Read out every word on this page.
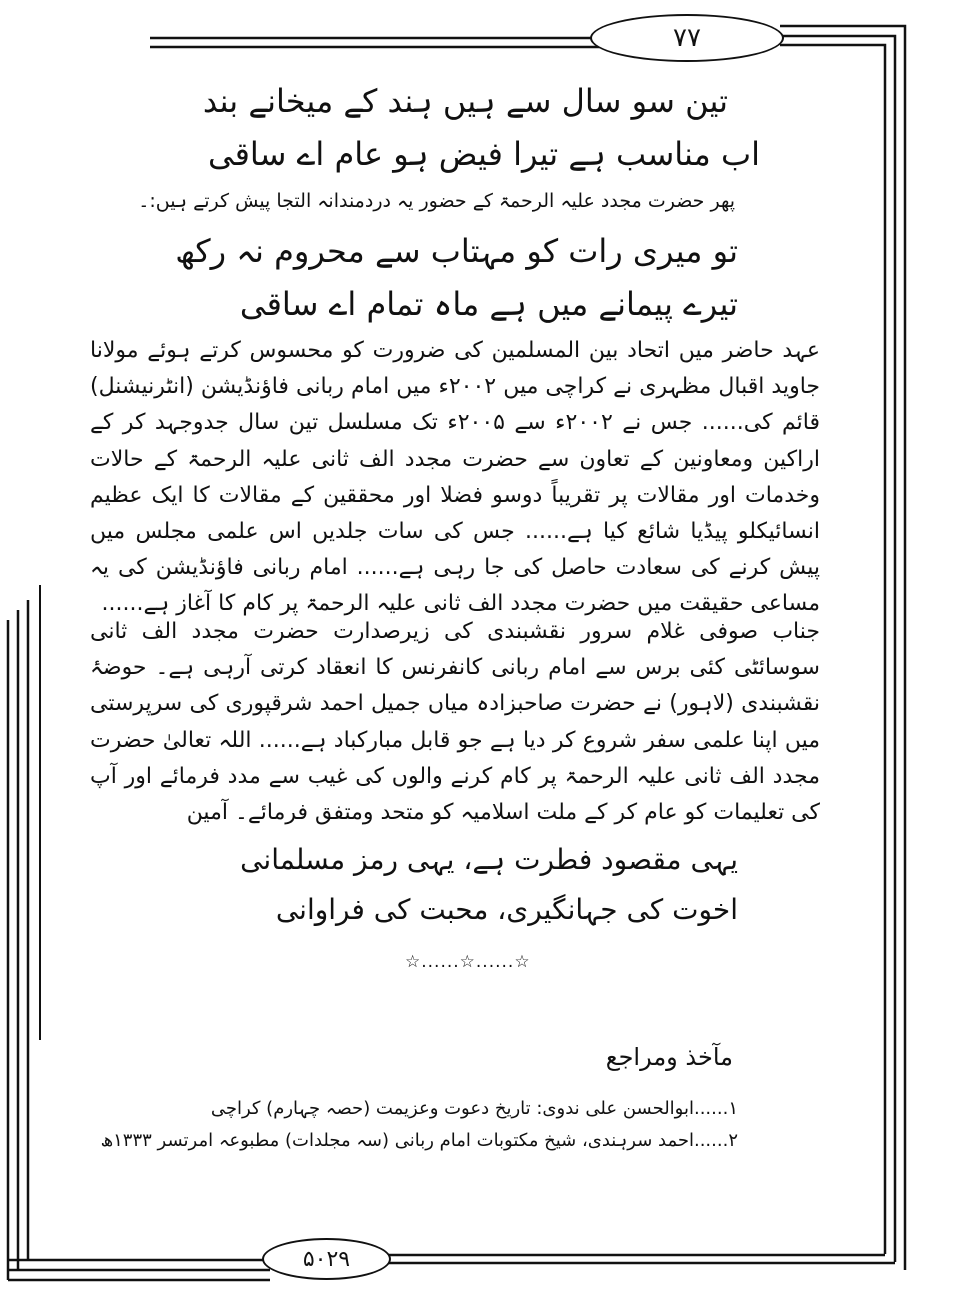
۷۷
۵۰۲۹
تین سو سال سے ہیں ہند کے میخانے بند
اب مناسب ہے تیرا فیض ہو عام اے ساقی
پھر حضرت مجدد علیہ الرحمۃ کے حضور یہ دردمندانہ التجا پیش کرتے ہیں:۔
تو میری رات کو مہتاب سے محروم نہ رکھ
تیرے پیمانے میں ہے ماہ تمام اے ساقی
عہد حاضر میں اتحاد بین المسلمین کی ضرورت کو محسوس کرتے ہوئے مولانا جاوید اقبال مظہری نے کراچی میں ۲۰۰۲ء میں امام ربانی فاؤنڈیشن (انٹرنیشنل) قائم کی...... جس نے ۲۰۰۲ء سے ۲۰۰۵ء تک مسلسل تین سال جدوجہد کر کے اراکین ومعاونین کے تعاون سے حضرت مجدد الف ثانی علیہ الرحمۃ کے حالات وخدمات اور مقالات پر تقریباً دوسو فضلا اور محققین کے مقالات کا ایک عظیم انسائیکلو پیڈیا شائع کیا ہے...... جس کی سات جلدیں اس علمی مجلس میں پیش کرنے کی سعادت حاصل کی جا رہی ہے...... امام ربانی فاؤنڈیشن کی یہ مساعی حقیقت میں حضرت مجدد الف ثانی علیہ الرحمۃ پر کام کا آغاز ہے......
جناب صوفی غلام سرور نقشبندی کی زیرصدارت حضرت مجدد الف ثانی سوسائٹی کئی برس سے امام ربانی کانفرنس کا انعقاد کرتی آرہی ہے۔ حوضۂ نقشبندی (لاہور) نے حضرت صاحبزادہ میاں جمیل احمد شرقپوری کی سرپرستی میں اپنا علمی سفر شروع کر دیا ہے جو قابل مبارکباد ہے...... اللہ تعالیٰ حضرت مجدد الف ثانی علیہ الرحمۃ پر کام کرنے والوں کی غیب سے مدد فرمائے اور آپ کی تعلیمات کو عام کر کے ملت اسلامیہ کو متحد ومتفق فرمائے۔ آمین
یہی مقصود فطرت ہے، یہی رمز مسلمانی
اخوت کی جہانگیری، محبت کی فراوانی
☆......☆......☆
مآخذ ومراجع
۱......ابوالحسن علی ندوی: تاریخ دعوت وعزیمت (حصہ چہارم) کراچی
۲......احمد سرہندی، شیخ مکتوبات امام ربانی (سہ مجلدات) مطبوعہ امرتسر ۱۳۳۳ھ
